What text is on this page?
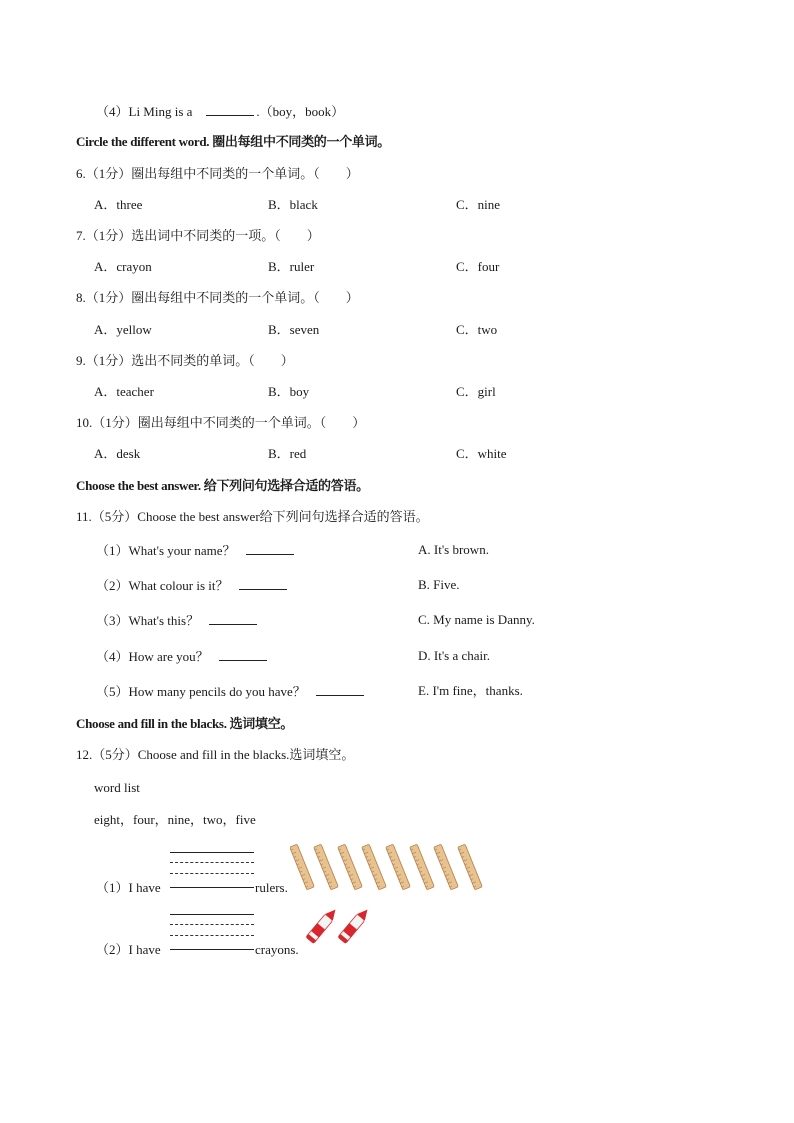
（4）Li Ming is a	.（boy，book）
Circle the different word. 圈出每组中不同类的一个单词。
6.（1分）圈出每组中不同类的一个单词。（　　）
A．three	B．black	C．nine
7.（1分）选出词中不同类的一项。（　　）
A．crayon	B．ruler	C．four
8.（1分）圈出每组中不同类的一个单词。（　　）
A．yellow	B．seven	C．two
9.（1分）选出不同类的单词。（　　）
A．teacher	B．boy	C．girl
10.（1分）圈出每组中不同类的一个单词。（　　）
A．desk	B．red	C．white
Choose the best answer. 给下列问句选择合适的答语。
11.（5分）Choose the best answer给下列问句选择合适的答语。
（1）What's your name？	A. It's brown.
（2）What colour is it？	B. Five.
（3）What's this？	C. My name is Danny.
（4）How are you？	D. It's a chair.
（5）How many pencils do you have？	E. I'm fine，thanks.
Choose and fill in the blacks. 选词填空。
12.（5分）Choose and fill in the blacks.选词填空。
word list
eight，four，nine，two，five
（1）I have	rulers.
（2）I have	crayons.
